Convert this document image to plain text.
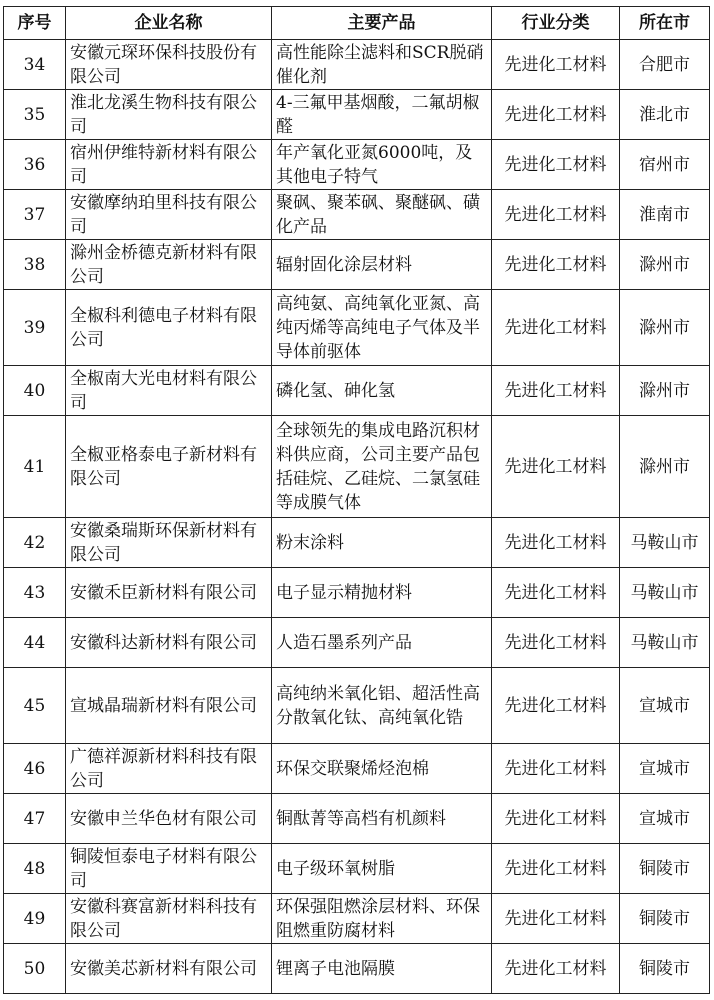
序号	企业名称	主要产品	行业分类	所在市
34	安徽元琛环保科技股份有限公司	高性能除尘滤料和SCR脱硝催化剂	先进化工材料	合肥市
35	淮北龙溪生物科技有限公司	4-三氟甲基烟酸，二氟胡椒醛	先进化工材料	淮北市
36	宿州伊维特新材料有限公司	年产氧化亚氮6000吨，及其他电子特气	先进化工材料	宿州市
37	安徽摩纳珀里科技有限公司	聚砜、聚苯砜、聚醚砜、磺化产品	先进化工材料	淮南市
38	滁州金桥德克新材料有限公司	辐射固化涂层材料	先进化工材料	滁州市
39	全椒科利德电子材料有限公司	高纯氨、高纯氧化亚氮、高纯丙烯等高纯电子气体及半导体前驱体	先进化工材料	滁州市
40	全椒南大光电材料有限公司	磷化氢、砷化氢	先进化工材料	滁州市
41	全椒亚格泰电子新材料有限公司	全球领先的集成电路沉积材料供应商，公司主要产品包括硅烷、乙硅烷、二氯氢硅等成膜气体	先进化工材料	滁州市
42	安徽桑瑞斯环保新材料有限公司	粉末涂料	先进化工材料	马鞍山市
43	安徽禾臣新材料有限公司	电子显示精抛材料	先进化工材料	马鞍山市
44	安徽科达新材料有限公司	人造石墨系列产品	先进化工材料	马鞍山市
45	宣城晶瑞新材料有限公司	高纯纳米氧化铝、超活性高分散氧化钛、高纯氧化锆	先进化工材料	宣城市
46	广德祥源新材料科技有限公司	环保交联聚烯烃泡棉	先进化工材料	宣城市
47	安徽申兰华色材有限公司	铜酞菁等高档有机颜料	先进化工材料	宣城市
48	铜陵恒泰电子材料有限公司	电子级环氧树脂	先进化工材料	铜陵市
49	安徽科赛富新材料科技有限公司	环保强阻燃涂层材料、环保阻燃重防腐材料	先进化工材料	铜陵市
50	安徽美芯新材料有限公司	锂离子电池隔膜	先进化工材料	铜陵市
